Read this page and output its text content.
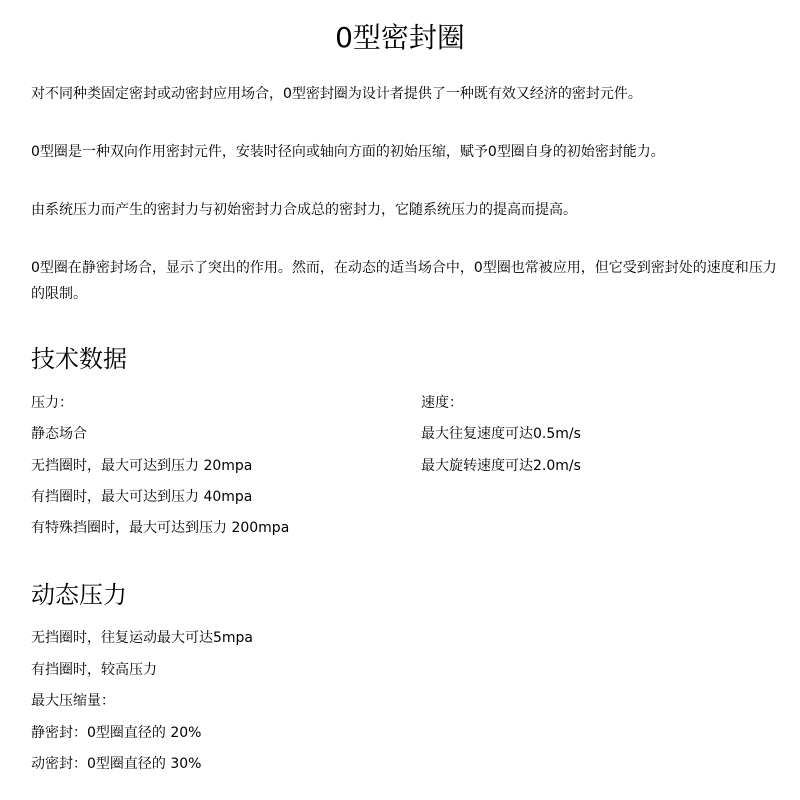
0型密封圈

对不同种类固定密封或动密封应用场合，0型密封圈为设计者提供了一种既有效又经济的密封元件。

0型圈是一种双向作用密封元件，安装时径向或轴向方面的初始压缩，赋予0型圈自身的初始密封能力。

由系统压力而产生的密封力与初始密封力合成总的密封力，它随系统压力的提高而提高。

0型圈在静密封场合，显示了突出的作用。然而，在动态的适当场合中，0型圈也常被应用，但它受到密封处的速度和压力的限制。

技术数据
压力：
静态场合
无挡圈时，最大可达到压力 20mpa
有挡圈时，最大可达到压力 40mpa
有特殊挡圈时，最大可达到压力 200mpa
速度：
最大往复速度可达0.5m/s
最大旋转速度可达2.0m/s
动态压力
无挡圈时，往复运动最大可达5mpa
有挡圈时，较高压力
最大压缩量：
静密封：0型圈直径的 20%
动密封：0型圈直径的 30%
